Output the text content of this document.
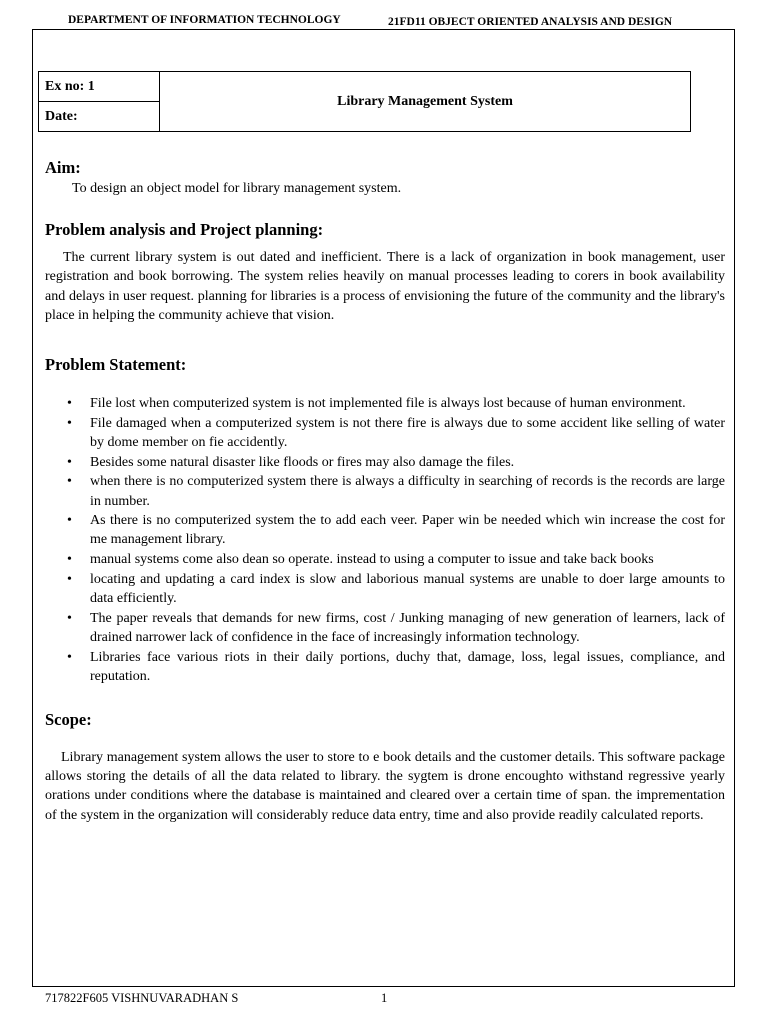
DEPARTMENT OF INFORMATION TECHNOLOGY	21FD11 OBJECT ORIENTED ANALYSIS AND DESIGN
Ex no: 1	Library Management System
Date:
Aim:

To design an object model for library management system.

Problem analysis and Project planning:

The current library system is out dated and inefficient. There is a lack of organization in book management, user registration and book borrowing. The system relies heavily on manual processes leading to corers in book availability and delays in user request. planning for libraries is a process of envisioning the future of the community and the library's place in helping the community achieve that vision.

Problem Statement:
• File lost when computerized system is not implemented file is always lost because of human environment.
• File damaged when a computerized system is not there fire is always due to some accident like selling of water by dome member on fie accidently.
• Besides some natural disaster like floods or fires may also damage the files.
• when there is no computerized system there is always a difficulty in searching of records is the records are large in number.
• As there is no computerized system the to add each veer. Paper win be needed which win increase the cost for me management library.
• manual systems come also dean so operate. instead to using a computer to issue and take back books
• locating and updating a card index is slow and laborious manual systems are unable to doer large amounts to data efficiently.
• The paper reveals that demands for new firms, cost / Junking managing of new generation of learners, lack of drained narrower lack of confidence in the face of increasingly information technology.
• Libraries face various riots in their daily portions, duchy that, damage, loss, legal issues, compliance, and reputation.
Scope:

Library management system allows the user to store to e book details and the customer details. This software package allows storing the details of all the data related to library. the sygtem is drone encoughto withstand regressive yearly orations under conditions where the database is maintained and cleared over a certain time of span. the imprementation of the system in the organization will considerably reduce data entry, time and also provide readily calculated reports.

717822F605 VISHNUVARADHAN S	1
